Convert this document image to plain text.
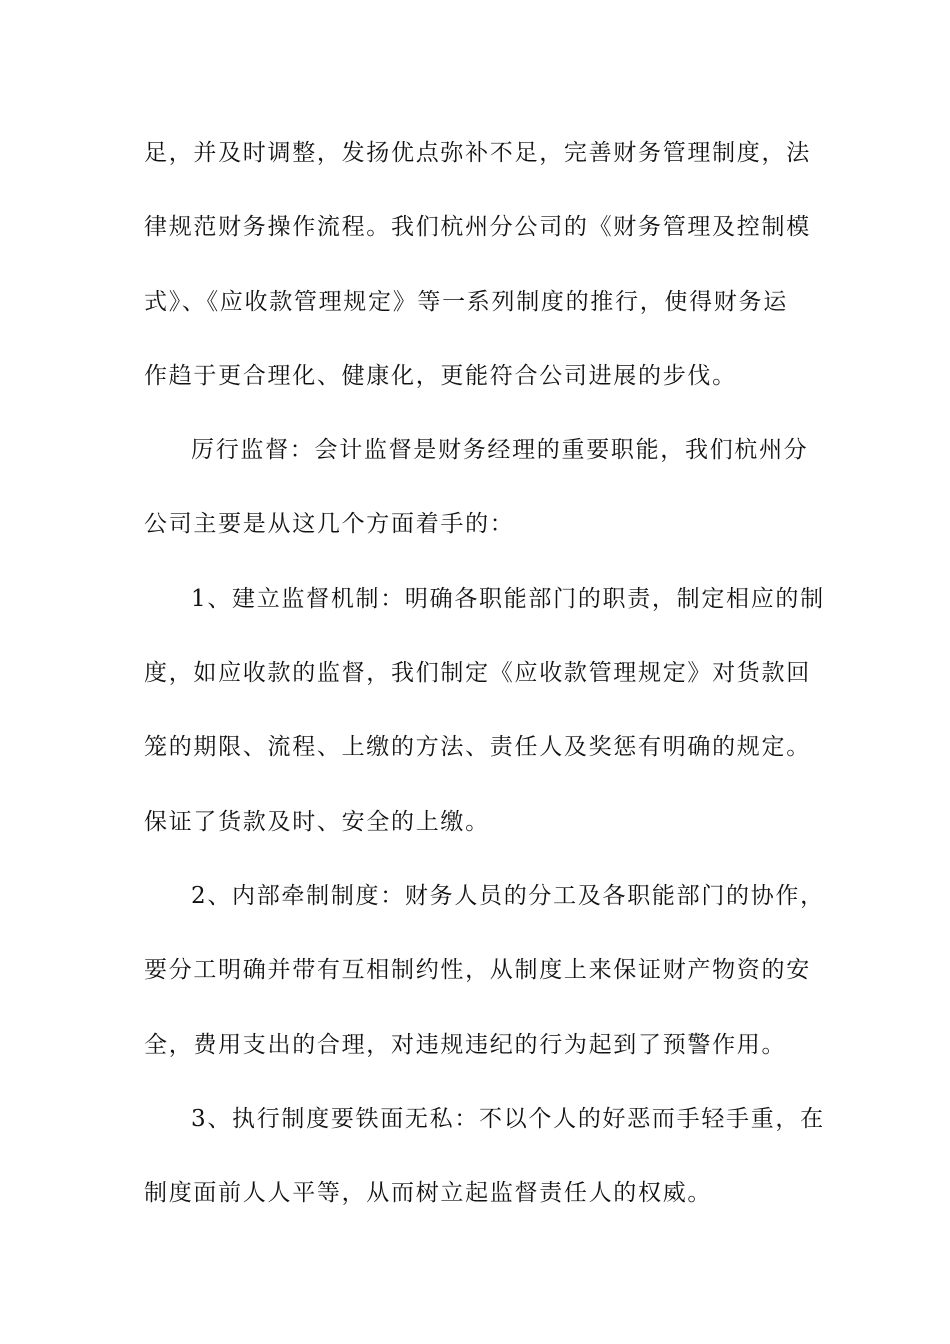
足，并及时调整，发扬优点弥补不足，完善财务管理制度，法
律规范财务操作流程。我们杭州分公司的《财务管理及控制模
式》、《应收款管理规定》等一系列制度的推行，使得财务运
作趋于更合理化、健康化，更能符合公司进展的步伐。
厉行监督：会计监督是财务经理的重要职能，我们杭州分
公司主要是从这几个方面着手的：
1、建立监督机制：明确各职能部门的职责，制定相应的制
度，如应收款的监督，我们制定《应收款管理规定》对货款回
笼的期限、流程、上缴的方法、责任人及奖惩有明确的规定。
保证了货款及时、安全的上缴。
2、内部牵制制度：财务人员的分工及各职能部门的协作，
要分工明确并带有互相制约性，从制度上来保证财产物资的安
全，费用支出的合理，对违规违纪的行为起到了预警作用。
3、执行制度要铁面无私：不以个人的好恶而手轻手重，在
制度面前人人平等，从而树立起监督责任人的权威。
